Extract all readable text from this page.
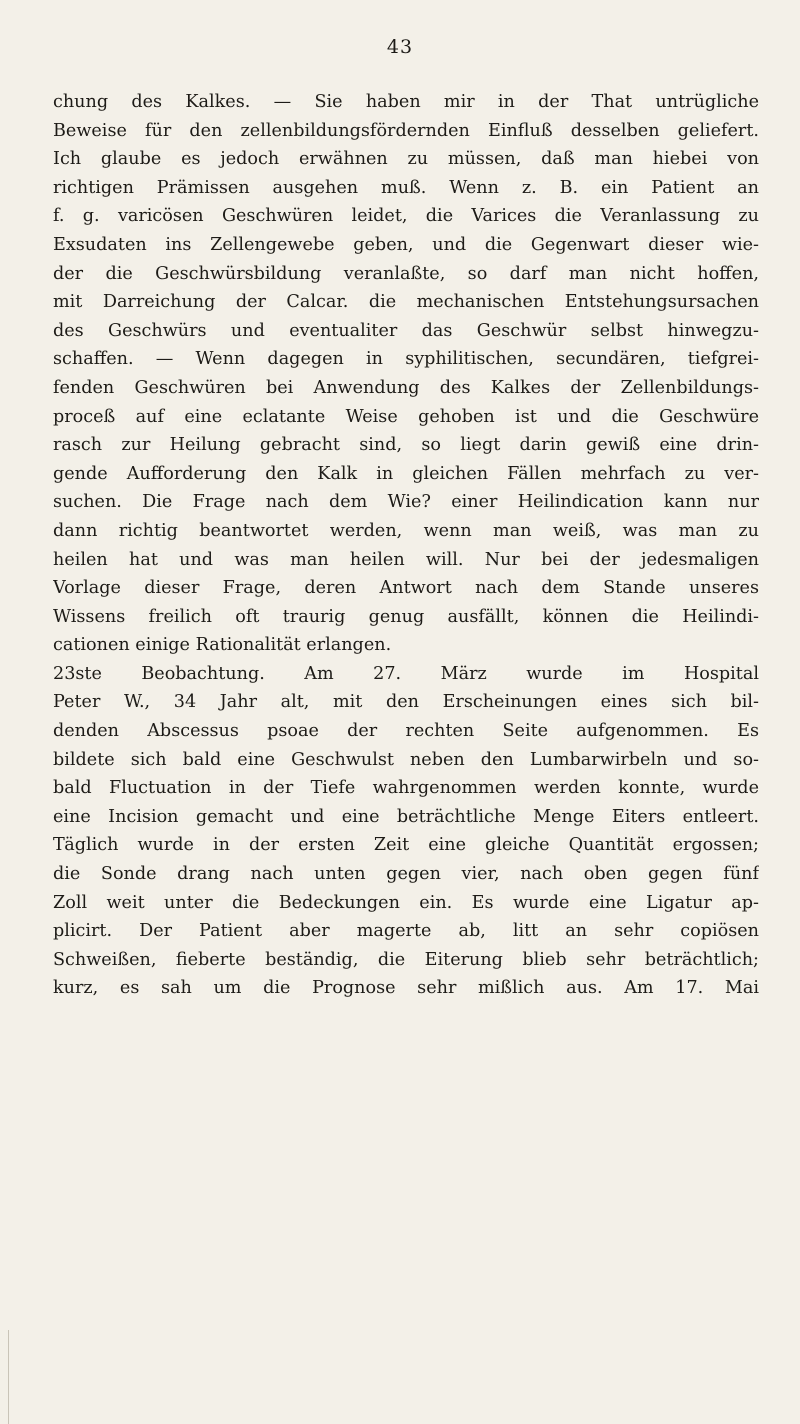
43
chung des Kalkes. — Sie haben mir in der That untrügliche
Beweise für den zellenbildungsfördernden Einfluß desselben geliefert.
Ich glaube es jedoch erwähnen zu müssen, daß man hiebei von
richtigen Prämissen ausgehen muß. Wenn z. B. ein Patient an
f. g. varicösen Geschwüren leidet, die Varices die Veranlassung zu
Exsudaten ins Zellengewebe geben, und die Gegenwart dieser wie-
der die Geschwürsbildung veranlaßte, so darf man nicht hoffen,
mit Darreichung der Calcar. die mechanischen Entstehungsursachen
des Geschwürs und eventualiter das Geschwür selbst hinwegzu-
schaffen. — Wenn dagegen in syphilitischen, secundären, tiefgrei-
fenden Geschwüren bei Anwendung des Kalkes der Zellenbildungs-
proceß auf eine eclatante Weise gehoben ist und die Geschwüre
rasch zur Heilung gebracht sind, so liegt darin gewiß eine drin-
gende Aufforderung den Kalk in gleichen Fällen mehrfach zu ver-
suchen. Die Frage nach dem Wie? einer Heilindication kann nur
dann richtig beantwortet werden, wenn man weiß, was man zu
heilen hat und was man heilen will. Nur bei der jedesmaligen
Vorlage dieser Frage, deren Antwort nach dem Stande unseres
Wissens freilich oft traurig genug ausfällt, können die Heilindi-
cationen einige Rationalität erlangen.
23ste Beobachtung. Am 27. März wurde im Hospital
Peter W., 34 Jahr alt, mit den Erscheinungen eines sich bil-
denden Abscessus psoae der rechten Seite aufgenommen. Es
bildete sich bald eine Geschwulst neben den Lumbarwirbeln und so-
bald Fluctuation in der Tiefe wahrgenommen werden konnte, wurde
eine Incision gemacht und eine beträchtliche Menge Eiters entleert.
Täglich wurde in der ersten Zeit eine gleiche Quantität ergossen;
die Sonde drang nach unten gegen vier, nach oben gegen fünf
Zoll weit unter die Bedeckungen ein. Es wurde eine Ligatur ap-
plicirt. Der Patient aber magerte ab, litt an sehr copiösen
Schweißen, fieberte beständig, die Eiterung blieb sehr beträchtlich;
kurz, es sah um die Prognose sehr mißlich aus. Am 17. Mai
